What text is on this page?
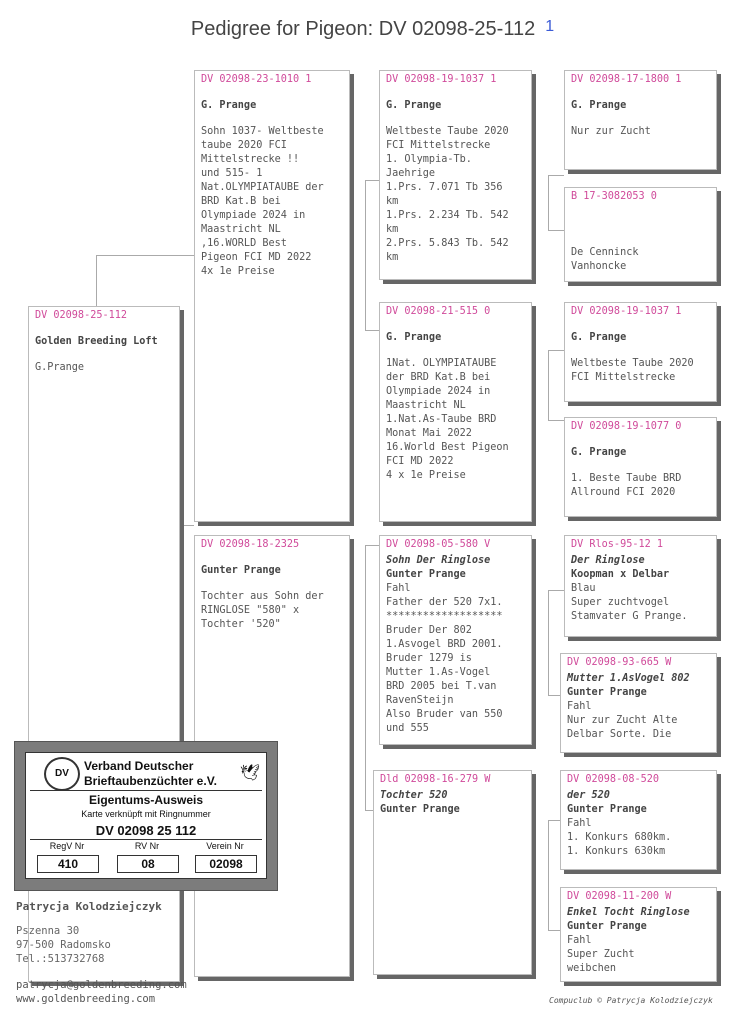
Pedigree for Pigeon: DV 02098-25-112 $^1$
DV 02098-25-112
Golden Breeding Loft
G.Prange
DV 02098-23-1010 1
G. Prange
Sohn 1037- Weltbeste
taube 2020 FCI
Mittelstrecke !!
und 515- 1
Nat.OLYMPIATAUBE der
BRD Kat.B bei
Olympiade 2024 in
Maastricht NL
,16.WORLD Best
Pigeon FCI MD 2022
4x 1e Preise
DV 02098-18-2325
Gunter Prange
Tochter aus Sohn der
RINGLOSE "580" x
Tochter '520"
DV 02098-19-1037 1
G. Prange
Weltbeste Taube 2020
FCI Mittelstrecke
1. Olympia-Tb.
Jaehrige
1.Prs. 7.071 Tb 356
km
1.Prs. 2.234 Tb. 542
km
2.Prs. 5.843 Tb. 542
km
DV 02098-21-515 0
G. Prange
1Nat. OLYMPIATAUBE
der BRD Kat.B bei
Olympiade 2024 in
Maastricht NL
1.Nat.As-Taube BRD
Monat Mai 2022
16.World Best Pigeon
FCI MD 2022
4 x 1e Preise
DV 02098-05-580 V
Sohn Der Ringlose
Gunter Prange
Fahl
Father der 520 7x1.
*******************
Bruder Der 802
1.Asvogel BRD 2001.
Bruder 1279 is
Mutter 1.As-Vogel
BRD 2005 bei T.van
RavenSteijn
Also Bruder van 550
und 555
Dld 02098-16-279 W
Tochter 520
Gunter Prange
DV 02098-17-1800 1
G. Prange
Nur zur Zucht
B 17-3082053 0
De Cenninck
Vanhoncke
DV 02098-19-1037 1
G. Prange
Weltbeste Taube 2020
FCI Mittelstrecke
DV 02098-19-1077 0
G. Prange
1. Beste Taube BRD
Allround FCI 2020
DV Rlos-95-12 1
Der Ringlose
Koopman x Delbar
Blau
Super zuchtvogel
Stamvater G Prange.
DV 02098-93-665 W
Mutter 1.AsVogel 802
Gunter Prange
Fahl
Nur zur Zucht Alte
Delbar Sorte. Die
DV 02098-08-520
der 520
Gunter Prange
Fahl
1. Konkurs 680km.
1. Konkurs 630km
DV 02098-11-200 W
Enkel Tocht Ringlose
Gunter Prange
Fahl
Super Zucht
weibchen
DV
Verband Deutscher
Brieftaubenzüchter e.V. 🕊
Eigentums-Ausweis
Karte verknüpft mit Ringnummer
DV 02098 25 112
RegV Nr	RV Nr	Verein Nr
410	08	02098
Patrycja Kolodziejczyk
Pszenna 30
97-500 Radomsko
Tel.:513732768
patrycja@goldenbreeding.com
www.goldenbreeding.com	Compuclub © Patrycja Kolodziejczyk
